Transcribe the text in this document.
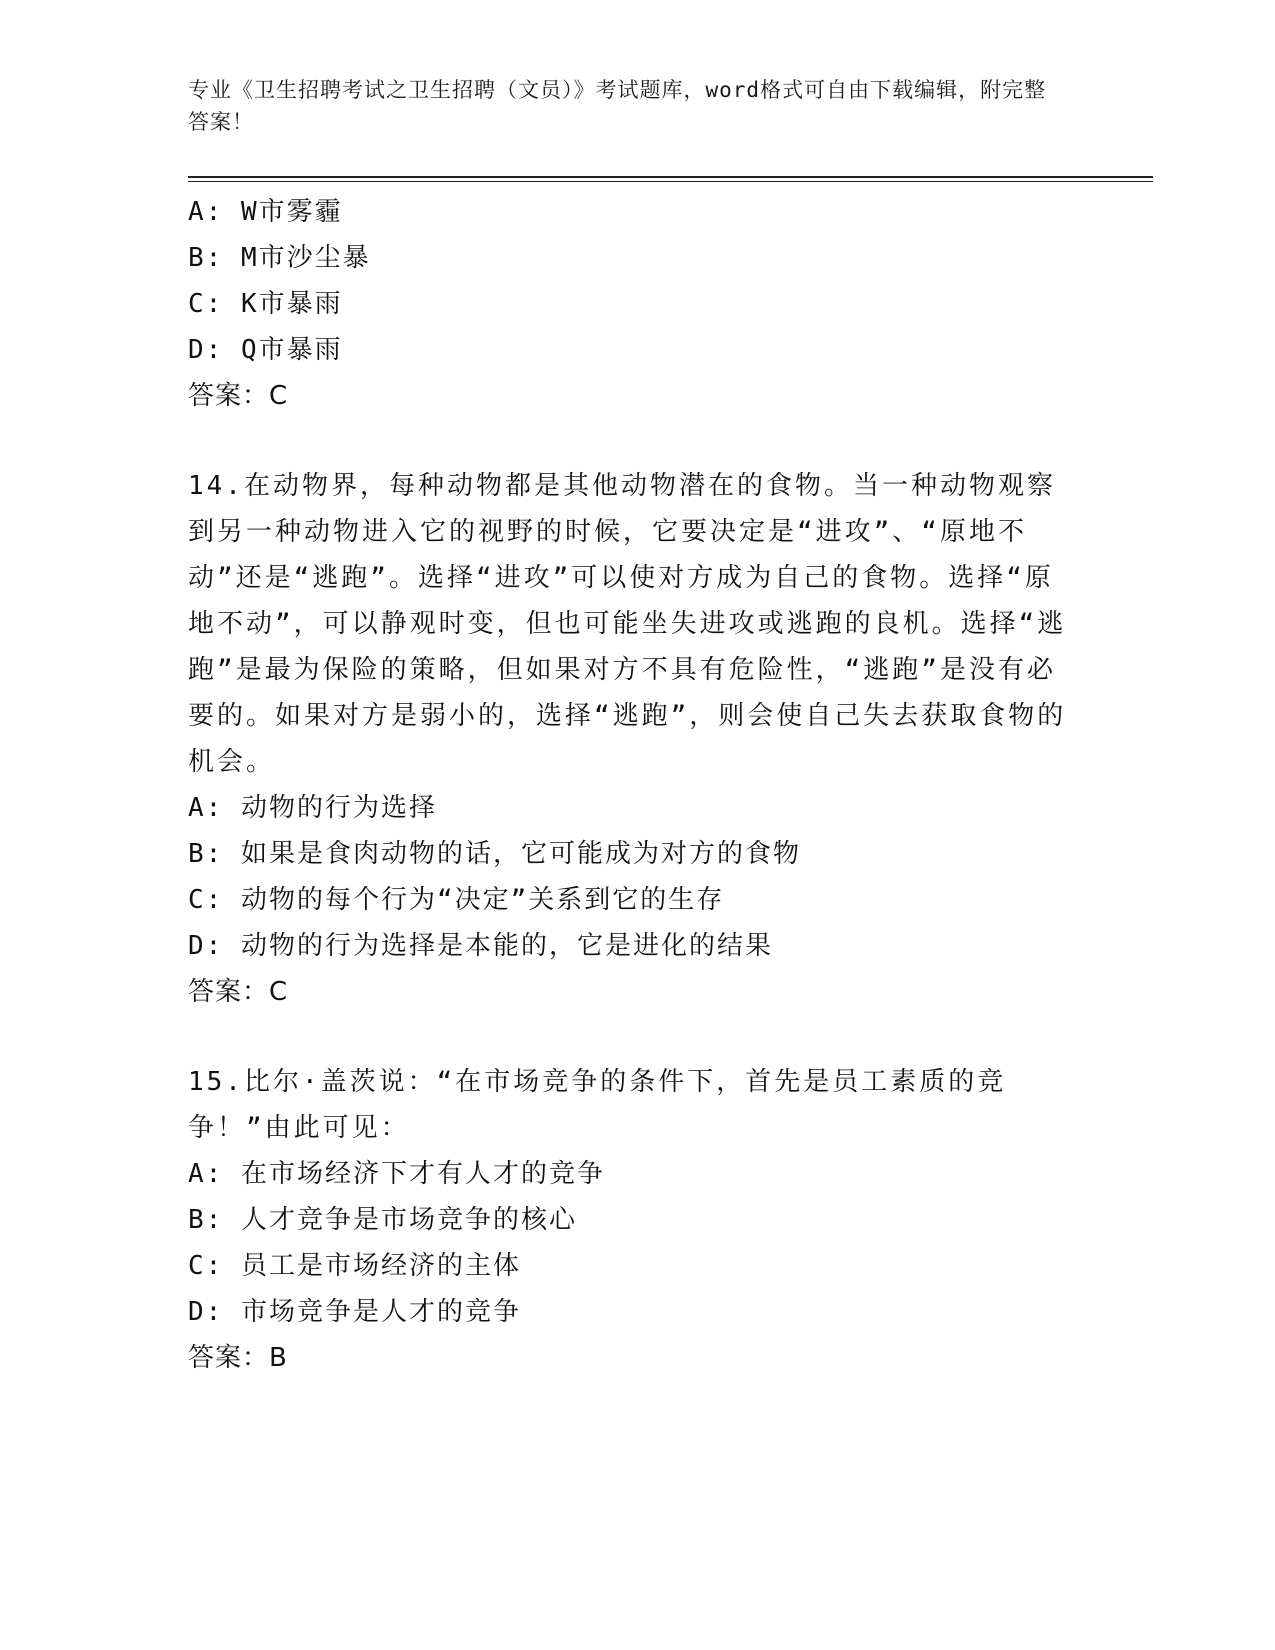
专业《卫生招聘考试之卫生招聘（文员）》考试题库，word格式可自由下载编辑，附完整答案！
A: W市雾霾
B: M市沙尘暴
C: K市暴雨
D: Q市暴雨
答案：C
14.在动物界，每种动物都是其他动物潜在的食物。当一种动物观察到另一种动物进入它的视野的时候，它要决定是“进攻”、“原地不动”还是“逃跑”。选择“进攻”可以使对方成为自己的食物。选择“原地不动”，可以静观时变，但也可能坐失进攻或逃跑的良机。选择“逃跑”是最为保险的策略，但如果对方不具有危险性，“逃跑”是没有必要的。如果对方是弱小的，选择“逃跑”，则会使自己失去获取食物的机会。
A: 动物的行为选择
B: 如果是食肉动物的话，它可能成为对方的食物
C: 动物的每个行为“决定”关系到它的生存
D: 动物的行为选择是本能的，它是进化的结果
答案：C
15.比尔·盖茨说：“在市场竞争的条件下，首先是员工素质的竞争！”由此可见：
A: 在市场经济下才有人才的竞争
B: 人才竞争是市场竞争的核心
C: 员工是市场经济的主体
D: 市场竞争是人才的竞争
答案：B
